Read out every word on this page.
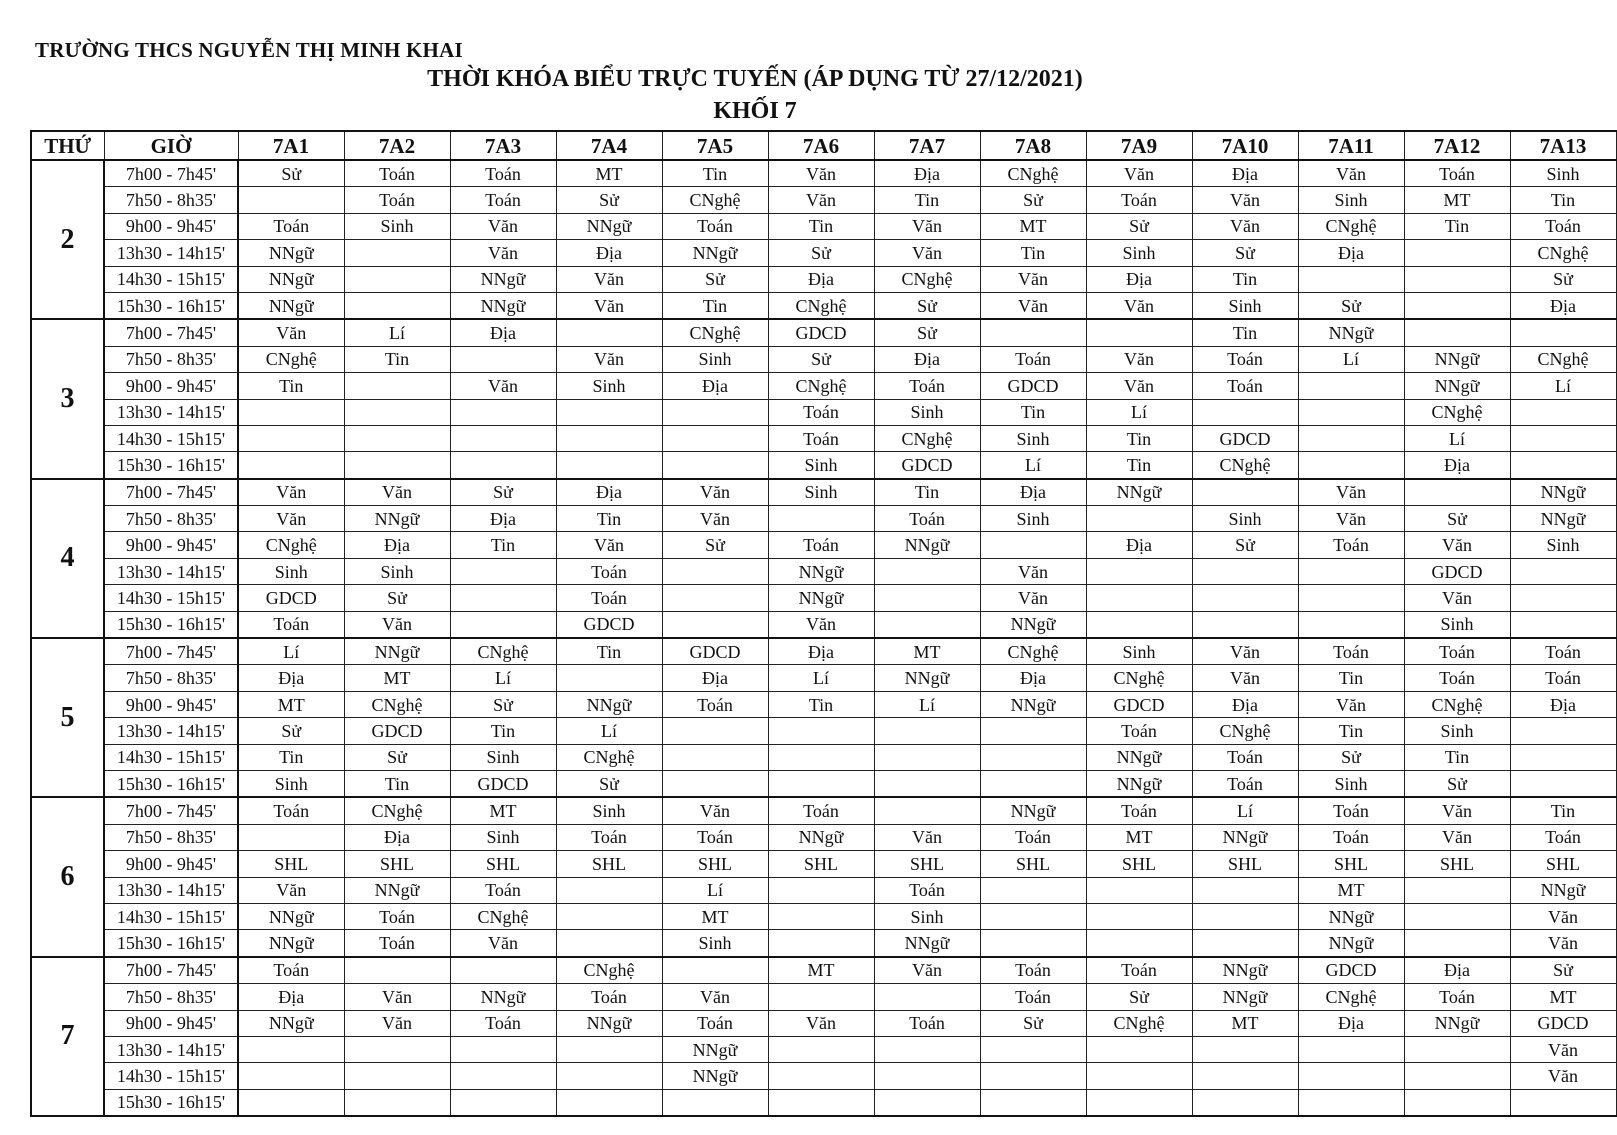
TRƯỜNG THCS NGUYỄN THỊ MINH KHAI
THỜI KHÓA BIỂU TRỰC TUYẾN (ÁP DỤNG TỪ 27/12/2021)
KHỐI 7
THỨ	GIỜ	7A1	7A2	7A3	7A4	7A5	7A6	7A7	7A8	7A9	7A10	7A11	7A12	7A13
2	7h00 - 7h45'	Sử	Toán	Toán	MT	Tin	Văn	Địa	CNghệ	Văn	Địa	Văn	Toán	Sinh
	7h50 - 8h35'		Toán	Toán	Sử	CNghệ	Văn	Tin	Sử	Toán	Văn	Sinh	MT	Tin
	9h00 - 9h45'	Toán	Sinh	Văn	NNgữ	Toán	Tin	Văn	MT	Sử	Văn	CNghệ	Tin	Toán
	13h30 - 14h15'	NNgữ		Văn	Địa	NNgữ	Sử	Văn	Tin	Sinh	Sử	Địa		CNghệ
	14h30 - 15h15'	NNgữ		NNgữ	Văn	Sử	Địa	CNghệ	Văn	Địa	Tin			Sử
	15h30 - 16h15'	NNgữ		NNgữ	Văn	Tin	CNghệ	Sử	Văn	Văn	Sinh	Sử		Địa
3	7h00 - 7h45'	Văn	Lí	Địa		CNghệ	GDCD	Sử			Tin	NNgữ		
	7h50 - 8h35'	CNghệ	Tin		Văn	Sinh	Sử	Địa	Toán	Văn	Toán	Lí	NNgữ	CNghệ
	9h00 - 9h45'	Tin		Văn	Sinh	Địa	CNghệ	Toán	GDCD	Văn	Toán		NNgữ	Lí
	13h30 - 14h15'						Toán	Sinh	Tin	Lí			CNghệ	
	14h30 - 15h15'						Toán	CNghệ	Sinh	Tin	GDCD		Lí	
	15h30 - 16h15'						Sinh	GDCD	Lí	Tin	CNghệ		Địa	
4	7h00 - 7h45'	Văn	Văn	Sử	Địa	Văn	Sinh	Tin	Địa	NNgữ		Văn		NNgữ
	7h50 - 8h35'	Văn	NNgữ	Địa	Tin	Văn		Toán	Sinh		Sinh	Văn	Sử	NNgữ
	9h00 - 9h45'	CNghệ	Địa	Tin	Văn	Sử	Toán	NNgữ		Địa	Sử	Toán	Văn	Sinh
	13h30 - 14h15'	Sinh	Sinh		Toán		NNgữ		Văn				GDCD	
	14h30 - 15h15'	GDCD	Sử		Toán		NNgữ		Văn				Văn	
	15h30 - 16h15'	Toán	Văn		GDCD		Văn		NNgữ				Sinh	
5	7h00 - 7h45'	Lí	NNgữ	CNghệ	Tin	GDCD	Địa	MT	CNghệ	Sinh	Văn	Toán	Toán	Toán
	7h50 - 8h35'	Địa	MT	Lí		Địa	Lí	NNgữ	Địa	CNghệ	Văn	Tin	Toán	Toán
	9h00 - 9h45'	MT	CNghệ	Sử	NNgữ	Toán	Tin	Lí	NNgữ	GDCD	Địa	Văn	CNghệ	Địa
	13h30 - 14h15'	Sử	GDCD	Tin	Lí					Toán	CNghệ	Tin	Sinh	
	14h30 - 15h15'	Tin	Sử	Sinh	CNghệ					NNgữ	Toán	Sử	Tin	
	15h30 - 16h15'	Sinh	Tin	GDCD	Sử					NNgữ	Toán	Sinh	Sử	
6	7h00 - 7h45'	Toán	CNghệ	MT	Sinh	Văn	Toán		NNgữ	Toán	Lí	Toán	Văn	Tin
	7h50 - 8h35'		Địa	Sinh	Toán	Toán	NNgữ	Văn	Toán	MT	NNgữ	Toán	Văn	Toán
	9h00 - 9h45'	SHL	SHL	SHL	SHL	SHL	SHL	SHL	SHL	SHL	SHL	SHL	SHL	SHL
	13h30 - 14h15'	Văn	NNgữ	Toán		Lí		Toán				MT		NNgữ
	14h30 - 15h15'	NNgữ	Toán	CNghệ		MT		Sinh				NNgữ		Văn
	15h30 - 16h15'	NNgữ	Toán	Văn		Sinh		NNgữ				NNgữ		Văn
7	7h00 - 7h45'	Toán			CNghệ		MT	Văn	Toán	Toán	NNgữ	GDCD	Địa	Sử
	7h50 - 8h35'	Địa	Văn	NNgữ	Toán	Văn			Toán	Sử	NNgữ	CNghệ	Toán	MT
	9h00 - 9h45'	NNgữ	Văn	Toán	NNgữ	Toán	Văn	Toán	Sử	CNghệ	MT	Địa	NNgữ	GDCD
	13h30 - 14h15'					NNgữ								Văn
	14h30 - 15h15'					NNgữ								Văn
	15h30 - 16h15'													
